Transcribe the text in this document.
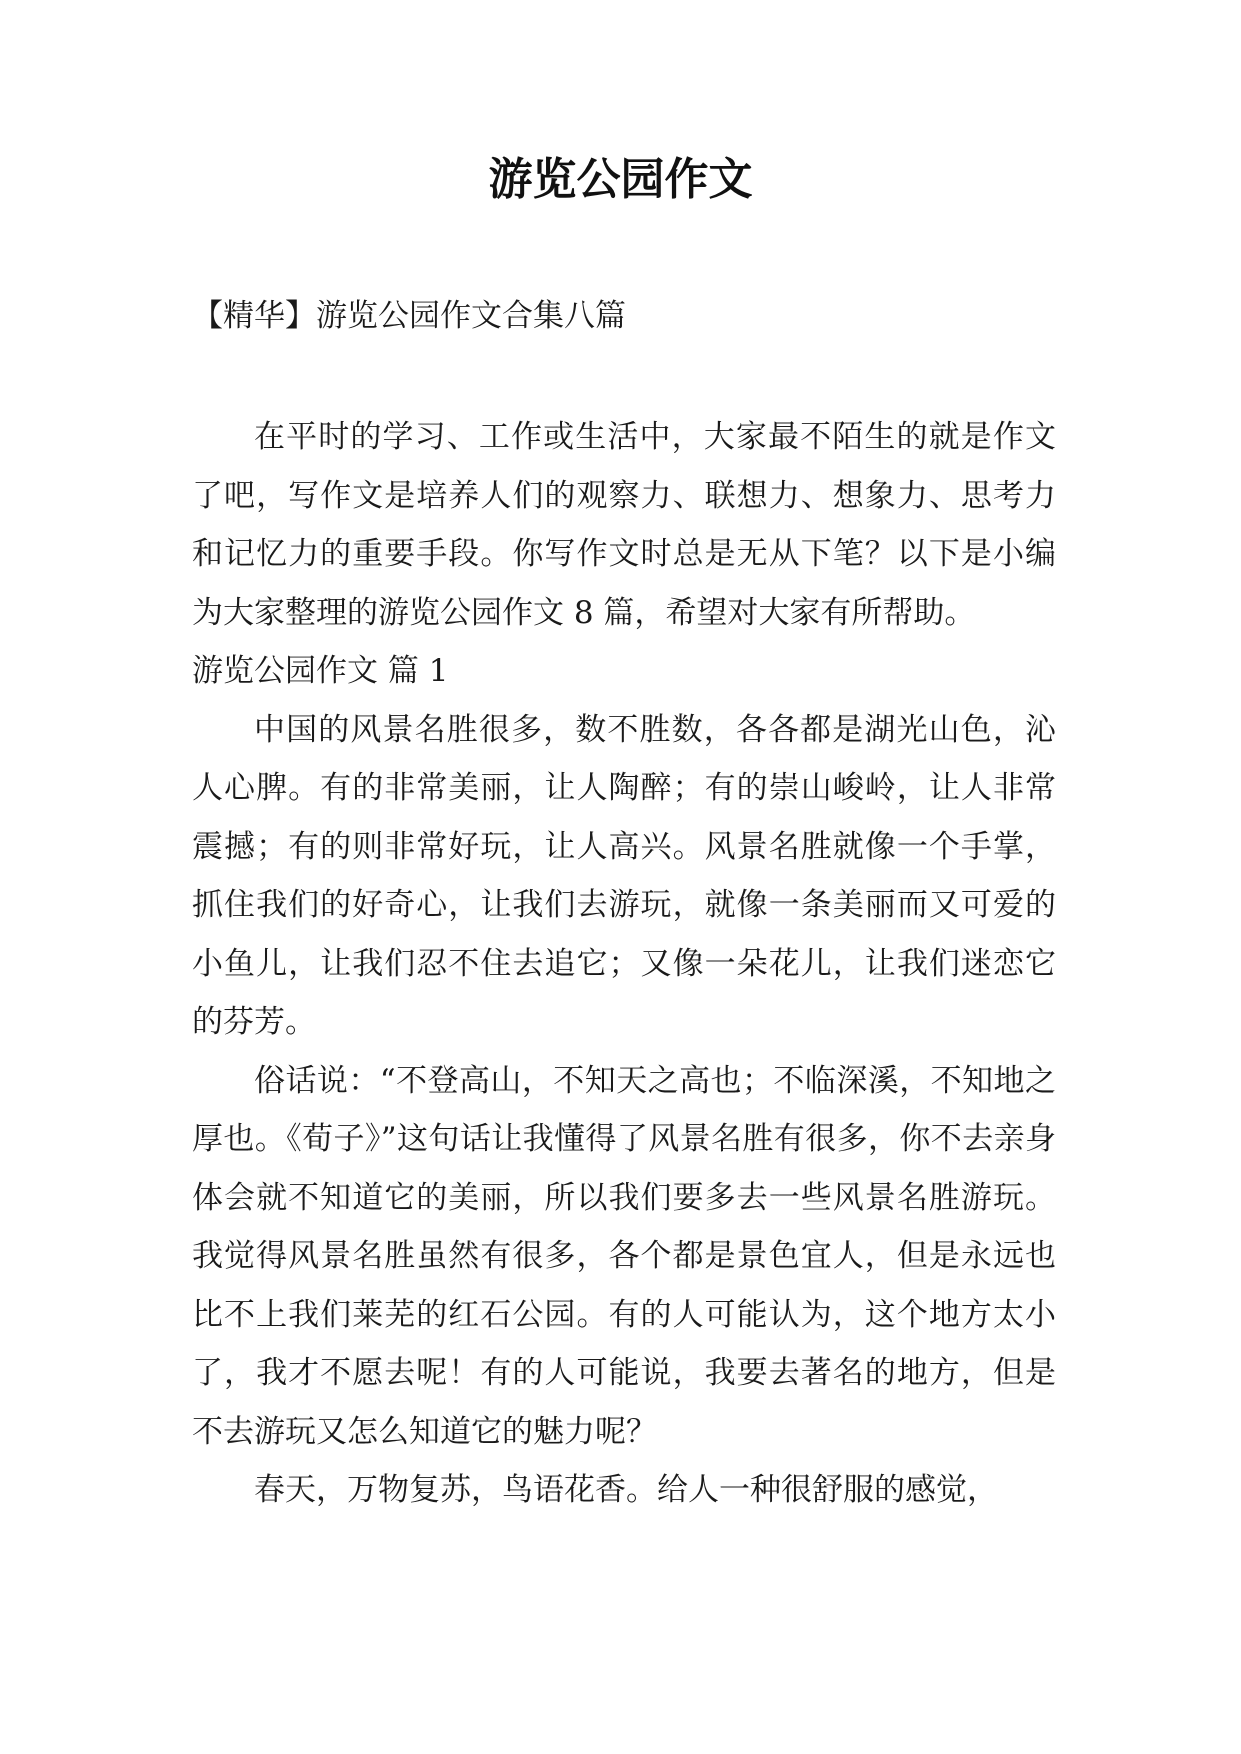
游览公园作文

【精华】游览公园作文合集八篇

在平时的学习、工作或生活中，大家最不陌生的就是作文了吧，写作文是培养人们的观察力、联想力、想象力、思考力和记忆力的重要手段。你写作文时总是无从下笔？以下是小编为大家整理的游览公园作文 8 篇，希望对大家有所帮助。

游览公园作文 篇 1

中国的风景名胜很多，数不胜数，各各都是湖光山色，沁人心脾。有的非常美丽，让人陶醉；有的崇山峻岭，让人非常震撼；有的则非常好玩，让人高兴。风景名胜就像一个手掌，抓住我们的好奇心，让我们去游玩，就像一条美丽而又可爱的小鱼儿，让我们忍不住去追它；又像一朵花儿，让我们迷恋它的芬芳。

俗话说：“不登高山，不知天之高也；不临深溪，不知地之厚也。《荀子》”这句话让我懂得了风景名胜有很多，你不去亲身体会就不知道它的美丽，所以我们要多去一些风景名胜游玩。我觉得风景名胜虽然有很多，各个都是景色宜人，但是永远也比不上我们莱芜的红石公园。有的人可能认为，这个地方太小了，我才不愿去呢！有的人可能说，我要去著名的地方，但是不去游玩又怎么知道它的魅力呢？

春天，万物复苏，鸟语花香。给人一种很舒服的感觉，
